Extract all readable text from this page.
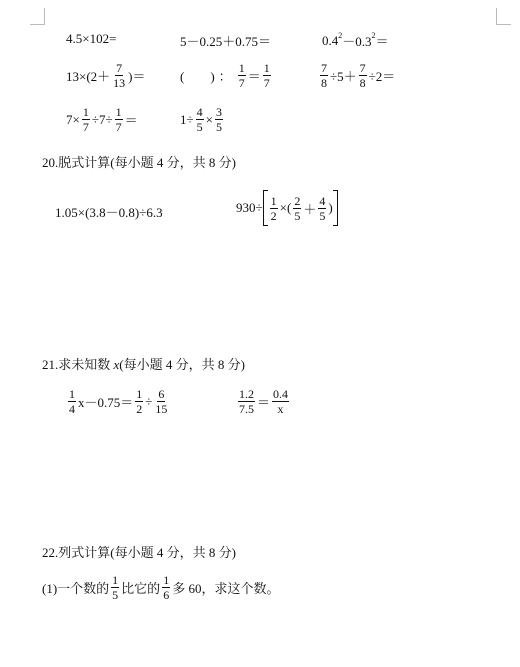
4.5×102=	5－0.25＋0.75＝	0.4 2 －0.3 2 ＝
$13\times(2+ \frac{7}{13}$ )＝	(　　) ： $\frac{1}{7} = \frac{1}{7}$	$\frac{7}{8} \div 5+ \frac{7}{8} \div 2=$
$7\times \frac{1}{7} \div 7\div \frac{1}{7}$ ＝	$1\div \frac{4}{5} \times \frac{3}{5}$
20.脱式计算(每小题 4 分，共 8 分)
1.05×(3.8－0.8)÷6.3	$930\div \frac{1}{2}$ ×( $\frac{2}{5} + \frac{4}{5}$ )
21.求未知数 x(每小题 4 分，共 8 分)
$\frac{1}{4} x-0.75= \frac{1}{2} \div \frac{6}{15}$	$\frac{1.2}{7.5} = \frac{0.4}{x}$
22.列式计算(每小题 4 分，共 8 分)
(1)一个数的 $\frac{1}{5}$ 比它的 $\frac{1}{6}$ 多 60，求这个数。
